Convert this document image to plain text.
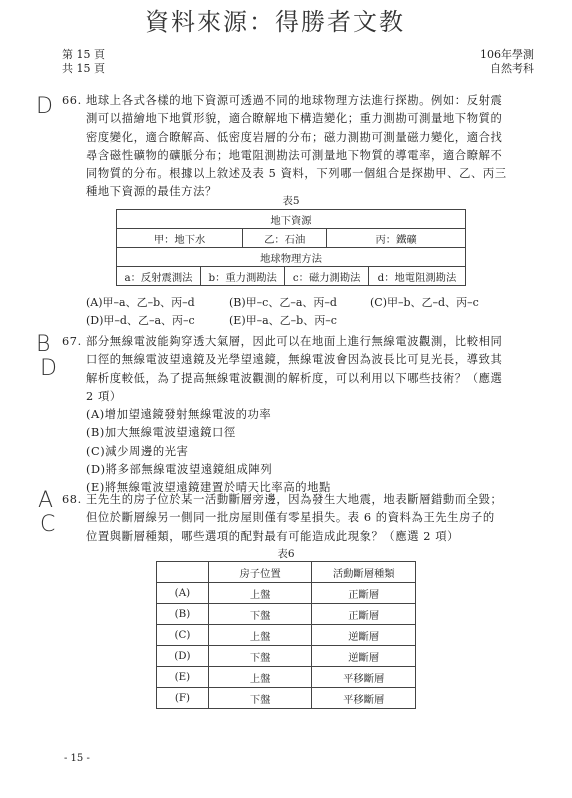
資料來源：得勝者文教
第 15 頁
共 15 頁
106年學測
自然考科
D
B
D
A
C
66. 地球上各式各樣的地下資源可透過不同的地球物理方法進行探勘。例如：反射震
測可以描繪地下地質形貌，適合瞭解地下構造變化；重力測勘可測量地下物質的
密度變化，適合瞭解高、低密度岩層的分布；磁力測勘可測量磁力變化，適合找
尋含磁性礦物的礦脈分布；地電阻測勘法可測量地下物質的導電率，適合瞭解不
同物質的分布。根據以上敘述及表 5 資料，下列哪一個組合是探勘甲、乙、丙三
種地下資源的最佳方法？
表5
地下資源					
甲：地下水		乙：石油		丙：鐵礦	
地球物理方法					
a：反射震測法	b：重力測勘法		c：磁力測勘法		d：地電阻測勘法
(A)甲–a、乙–b、丙–d	(B)甲–c、乙–a、丙–d	(C)甲–b、乙–d、丙–c
(D)甲–d、乙–a、丙–c	(E)甲–a、乙–b、丙–c
67. 部分無線電波能夠穿透大氣層，因此可以在地面上進行無線電波觀測，比較相同
口徑的無線電波望遠鏡及光學望遠鏡，無線電波會因為波長比可見光長，導致其
解析度較低，為了提高無線電波觀測的解析度，可以利用以下哪些技術？（應選
2 項）
(A)增加望遠鏡發射無線電波的功率
(B)加大無線電波望遠鏡口徑
(C)減少周邊的光害
(D)將多部無線電波望遠鏡組成陣列
(E)將無線電波望遠鏡建置於晴天比率高的地點
68. 王先生的房子位於某一活動斷層旁邊，因為發生大地震，地表斷層錯動而全毀；
但位於斷層線另一側同一批房屋則僅有零星損失。表 6 的資料為王先生房子的
位置與斷層種類，哪些選項的配對最有可能造成此現象？（應選 2 項）
表6
	房子位置	活動斷層種類
(A)	上盤	正斷層
(B)	下盤	正斷層
(C)	上盤	逆斷層
(D)	下盤	逆斷層
(E)	上盤	平移斷層
(F)	下盤	平移斷層
- 15 -
